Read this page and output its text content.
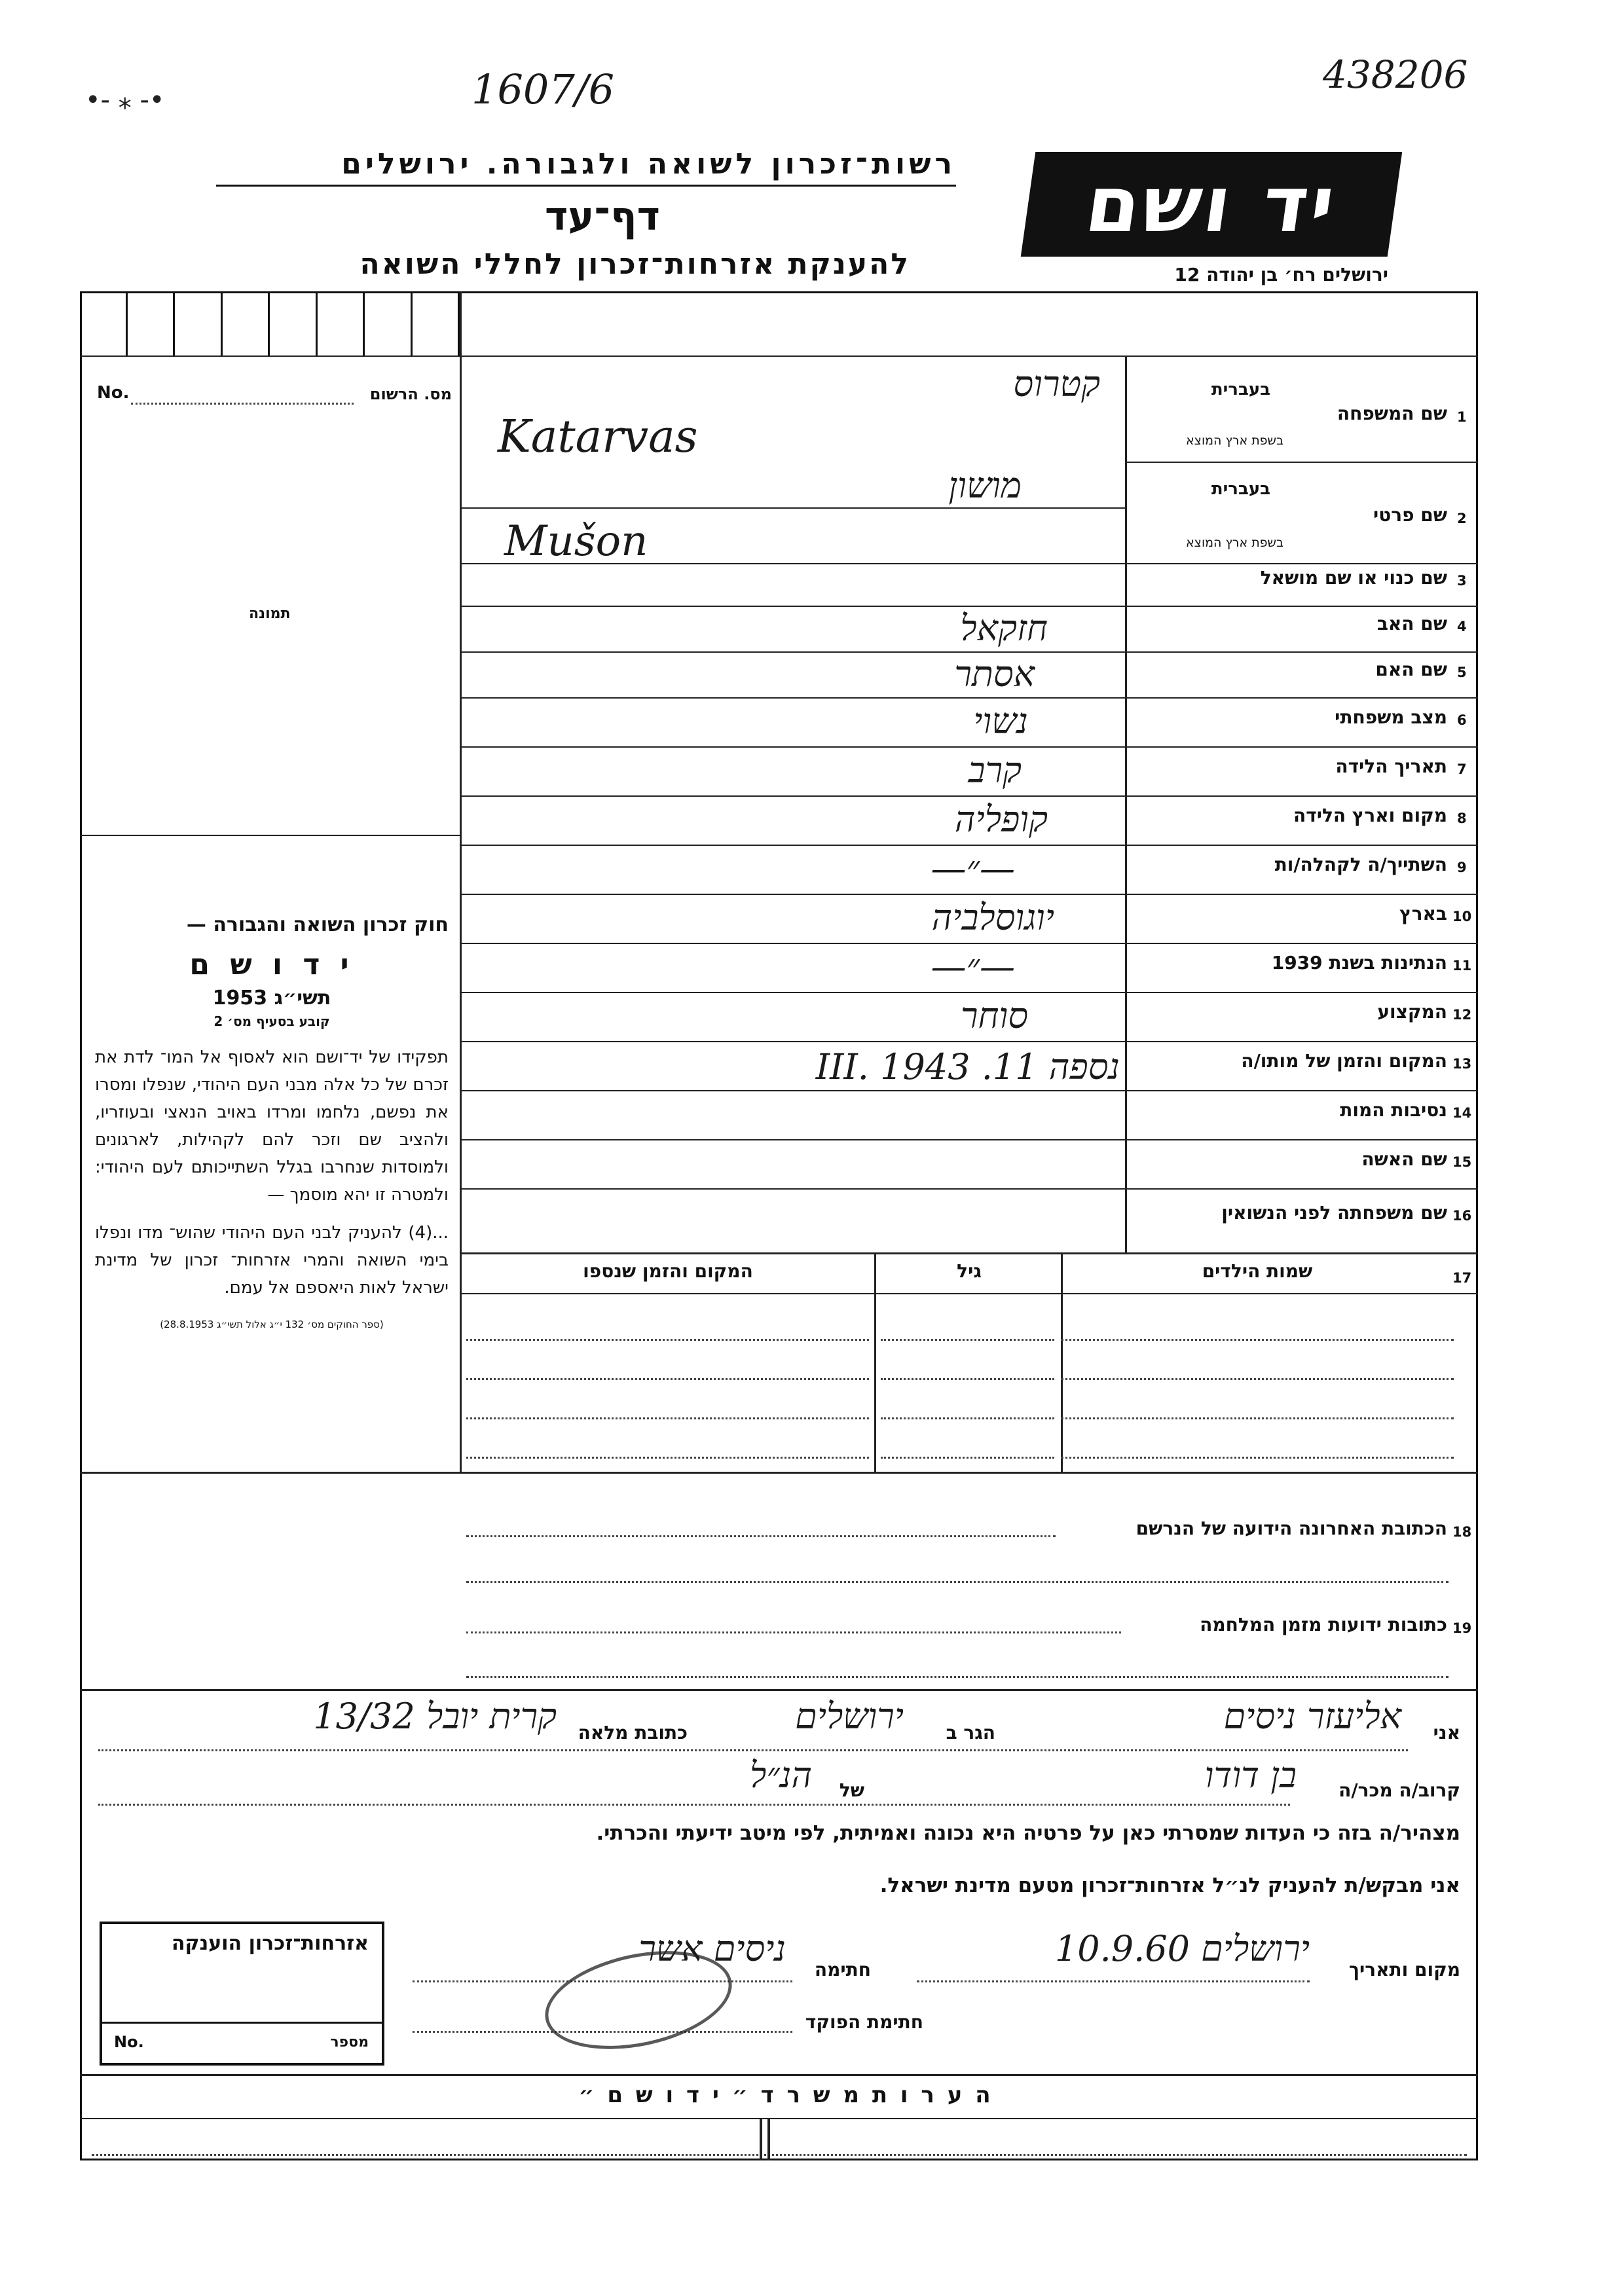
•‑ ⁎ ‑•	1607/6	438206
רשות־זכרון לשואה ולגבורה. ירושלים
דף־עד
להענקת אזרחות־זכרון לחללי השואה
יד ושם
ירושלים רח׳ בן יהודה 12
No.	מס. הרשום
תמונה

חוק זכרון השואה והגבורה —

י ד ו ש ם

תשי״ג 1953

קובע בסעיף מס׳ 2

תפקידו של יד־ושם הוא לאסוף אל המו־ לדת את זכרם של כל אלה מבני העם היהודי, שנפלו ומסרו את נפשם, נלחמו ומרדו באויב הנאצי ובעוזריו, ולהציב שם וזכר להם לקהילות, לארגונים ולמוסדות שנחרבו בגלל השתייכותם לעם היהודי: ולמטרה זו יהא מוסמך —

...(4) להעניק לבני העם היהודי שהוש־ מדו ונפלו בימי השואה והמרי אזרחות־ זכרון של מדינת ישראל לאות היאספם אל עמם.

(ספר החוקים מס׳ 132 י״ג אלול תשי״ג 28.8.1953)

1
שם המשפחה
בעברית
בשפת ארץ המוצא
קטרוס
Katarvas
2
שם פרטי
בעברית
בשפת ארץ המוצא
מושון
Mušon
3
שם כנוי או שם מושאל
4
שם האב
חזקאל
5
שם האם
אסתר
6
מצב משפחתי
נשוי
7
תאריך הלידה
קרב
8
מקום וארץ הלידה
קופליה
9
השתייך/ה לקהלה/ות
—״—
10
בארץ
יוגוסלביה
11
הנתינות בשנת 1939
—״—
12
המקצוע
סוחר
13
המקום והזמן של מותו/ה
נספה 11. III. 1943
14
נסיבות המות
15
שם האשה
16
שם משפחתה לפני הנשואין
17
שמות הילדים
גיל
המקום והזמן שנספו
18
הכתובת האחרונה הידועה של הנרשם
19
כתובות ידועות מזמן המלחמה
אני
אליעזר ניסים
הגר ב
ירושלים
כתובת מלאה
קרית יובל 13/32
קרוב/ה מכר/ה
בן דודו
של
הנ״ל
מצהיר/ה בזה כי העדות שמסרתי כאן על פרטיה היא נכונה ואמיתית, לפי מיטב ידיעתי והכרתי.
אני מבקש/ת להעניק לנ״ל אזרחות־זכרון מטעם מדינת ישראל.
מקום ותאריך
ירושלים 10.9.60
חתימה
ניסים אשר
חתימת הפוקד
אזרחות־זכרון הוענקה
No.	מספר
ה ע ר ו ת מ ש ר ד ״ י ד ו ש ם ״
